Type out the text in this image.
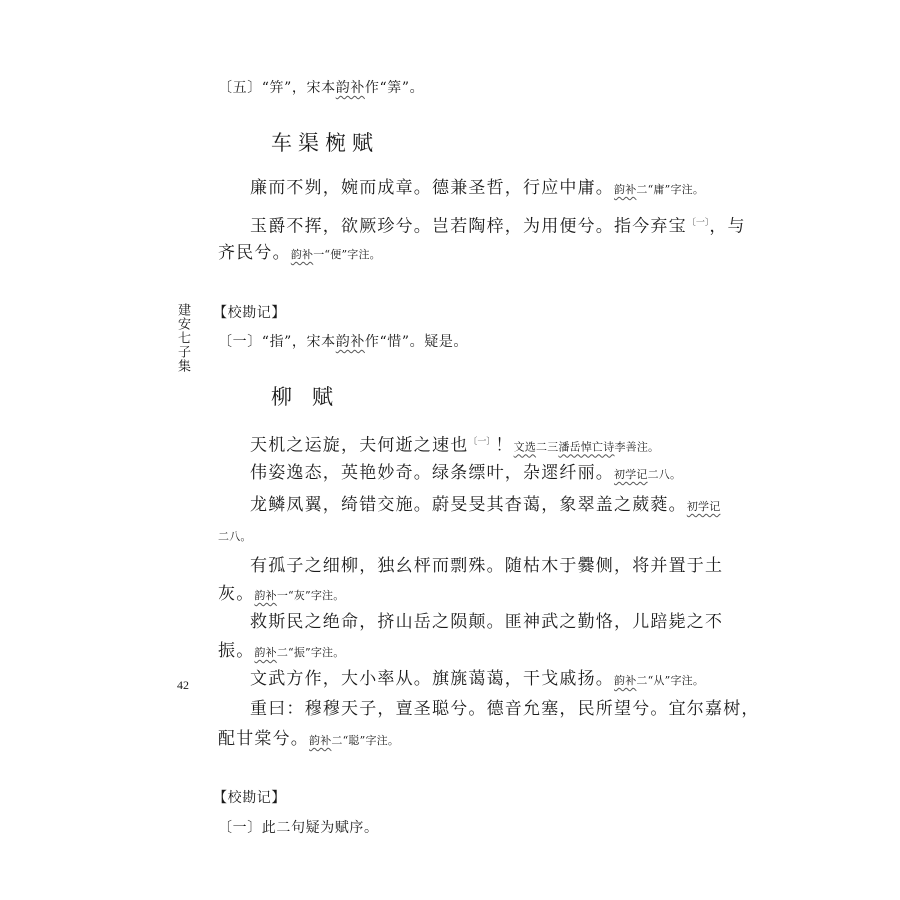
建安七子集
42

〔五〕“笄”，宋本韵补作“筭”。

车渠椀赋

廉而不刿，婉而成章。德兼圣哲，行应中庸。韵补二“庸”字注。

玉爵不挥，欲厥珍兮。岂若陶梓，为用便兮。指今弃宝$^{〔一〕}$，与

齐民兮。韵补一“便”字注。

【校勘记】

〔一〕“指”，宋本韵补作“惜”。疑是。

柳赋

天机之运旋，夫何逝之速也$^{〔一〕}$！文选二三潘岳悼亡诗李善注。

伟姿逸态，英艳妙奇。绿条缥叶，杂遝纤丽。初学记二八。

龙鳞凤翼，绮错交施。蔚旻旻其杳蔼，象翠盖之葳蕤。初学记

二八。

有孤子之细柳，独幺枰而剽殊。随枯木于爨侧，将并置于土

灰。韵补一“灰”字注。

救斯民之绝命，挤山岳之陨颠。匪神武之勤恪，儿踣毙之不

振。韵补二“振”字注。

文武方作，大小率从。旗旐蔼蔼，干戈戚扬。韵补二“从”字注。

重曰：穆穆天子，亶圣聪兮。德音允塞，民所望兮。宜尔嘉树，

配甘棠兮。韵补二“聪”字注。

【校勘记】

〔一〕此二句疑为赋序。
